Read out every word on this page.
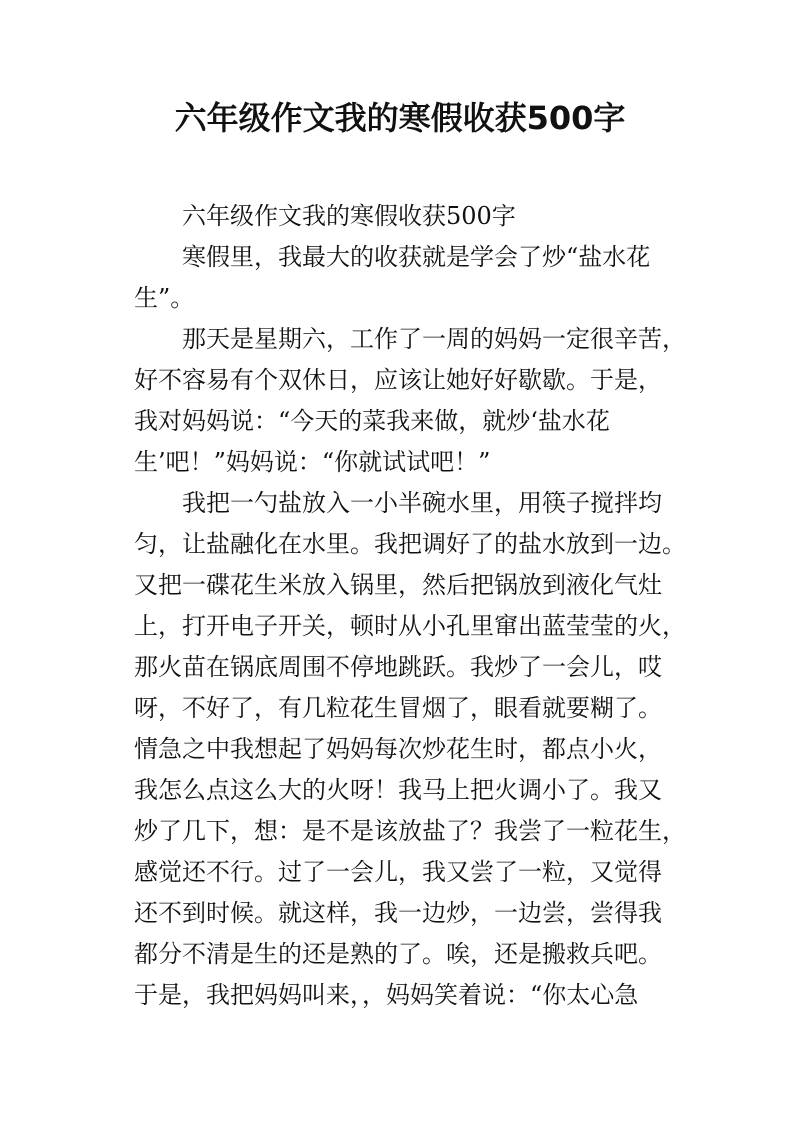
六年级作文我的寒假收获500字
六年级作文我的寒假收获500字
寒假里，我最大的收获就是学会了炒“盐水花
生”。
那天是星期六，工作了一周的妈妈一定很辛苦，
好不容易有个双休日，应该让她好好歇歇。于是，
我对妈妈说：“今天的菜我来做，就炒‘盐水花
生’吧！”妈妈说：“你就试试吧！”
我把一勺盐放入一小半碗水里，用筷子搅拌均
匀，让盐融化在水里。我把调好了的盐水放到一边。
又把一碟花生米放入锅里，然后把锅放到液化气灶
上，打开电子开关，顿时从小孔里窜出蓝莹莹的火，
那火苗在锅底周围不停地跳跃。我炒了一会儿，哎
呀，不好了，有几粒花生冒烟了，眼看就要糊了。
情急之中我想起了妈妈每次炒花生时，都点小火，
我怎么点这么大的火呀！我马上把火调小了。我又
炒了几下，想：是不是该放盐了？我尝了一粒花生，
感觉还不行。过了一会儿，我又尝了一粒，又觉得
还不到时候。就这样，我一边炒，一边尝，尝得我
都分不清是生的还是熟的了。唉，还是搬救兵吧。
于是，我把妈妈叫来，，妈妈笑着说：“你太心急
